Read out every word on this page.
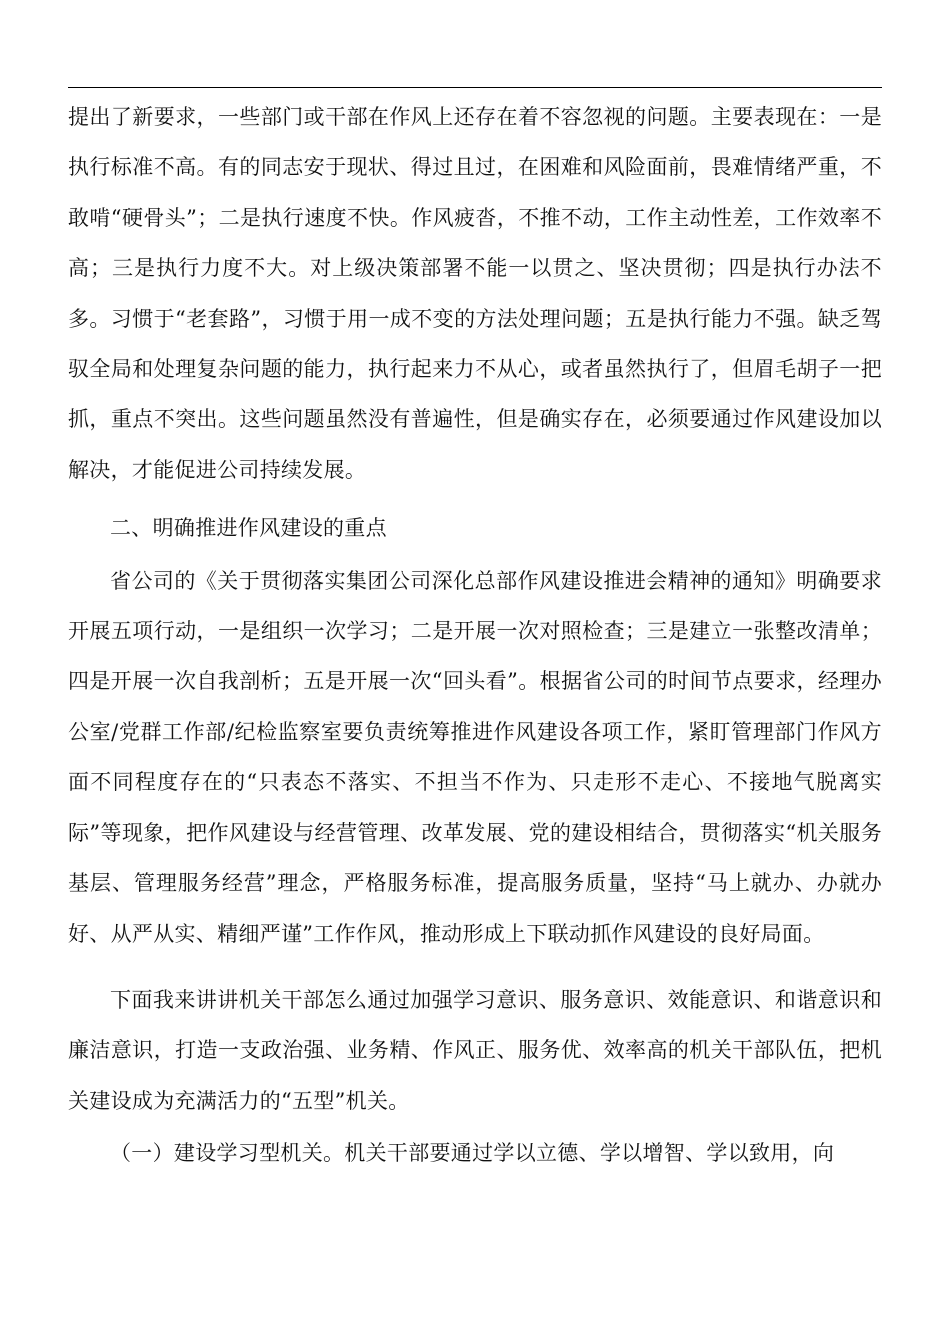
提出了新要求，一些部门或干部在作风上还存在着不容忽视的问题。主要表现在：一是执行标准不高。有的同志安于现状、得过且过，在困难和风险面前，畏难情绪严重，不敢啃“硬骨头”；二是执行速度不快。作风疲沓，不推不动，工作主动性差，工作效率不高；三是执行力度不大。对上级决策部署不能一以贯之、坚决贯彻；四是执行办法不多。习惯于“老套路”，习惯于用一成不变的方法处理问题；五是执行能力不强。缺乏驾驭全局和处理复杂问题的能力，执行起来力不从心，或者虽然执行了，但眉毛胡子一把抓，重点不突出。这些问题虽然没有普遍性，但是确实存在，必须要通过作风建设加以解决，才能促进公司持续发展。

二、明确推进作风建设的重点

省公司的《关于贯彻落实集团公司深化总部作风建设推进会精神的通知》明确要求开展五项行动，一是组织一次学习；二是开展一次对照检查；三是建立一张整改清单；四是开展一次自我剖析；五是开展一次“回头看”。根据省公司的时间节点要求，经理办公室/党群工作部/纪检监察室要负责统筹推进作风建设各项工作，紧盯管理部门作风方面不同程度存在的“只表态不落实、不担当不作为、只走形不走心、不接地气脱离实际”等现象，把作风建设与经营管理、改革发展、党的建设相结合，贯彻落实“机关服务基层、管理服务经营”理念，严格服务标准，提高服务质量，坚持“马上就办、办就办好、从严从实、精细严谨”工作作风，推动形成上下联动抓作风建设的良好局面。

下面我来讲讲机关干部怎么通过加强学习意识、服务意识、效能意识、和谐意识和廉洁意识，打造一支政治强、业务精、作风正、服务优、效率高的机关干部队伍，把机关建设成为充满活力的“五型”机关。

（一）建设学习型机关。机关干部要通过学以立德、学以增智、学以致用，向
